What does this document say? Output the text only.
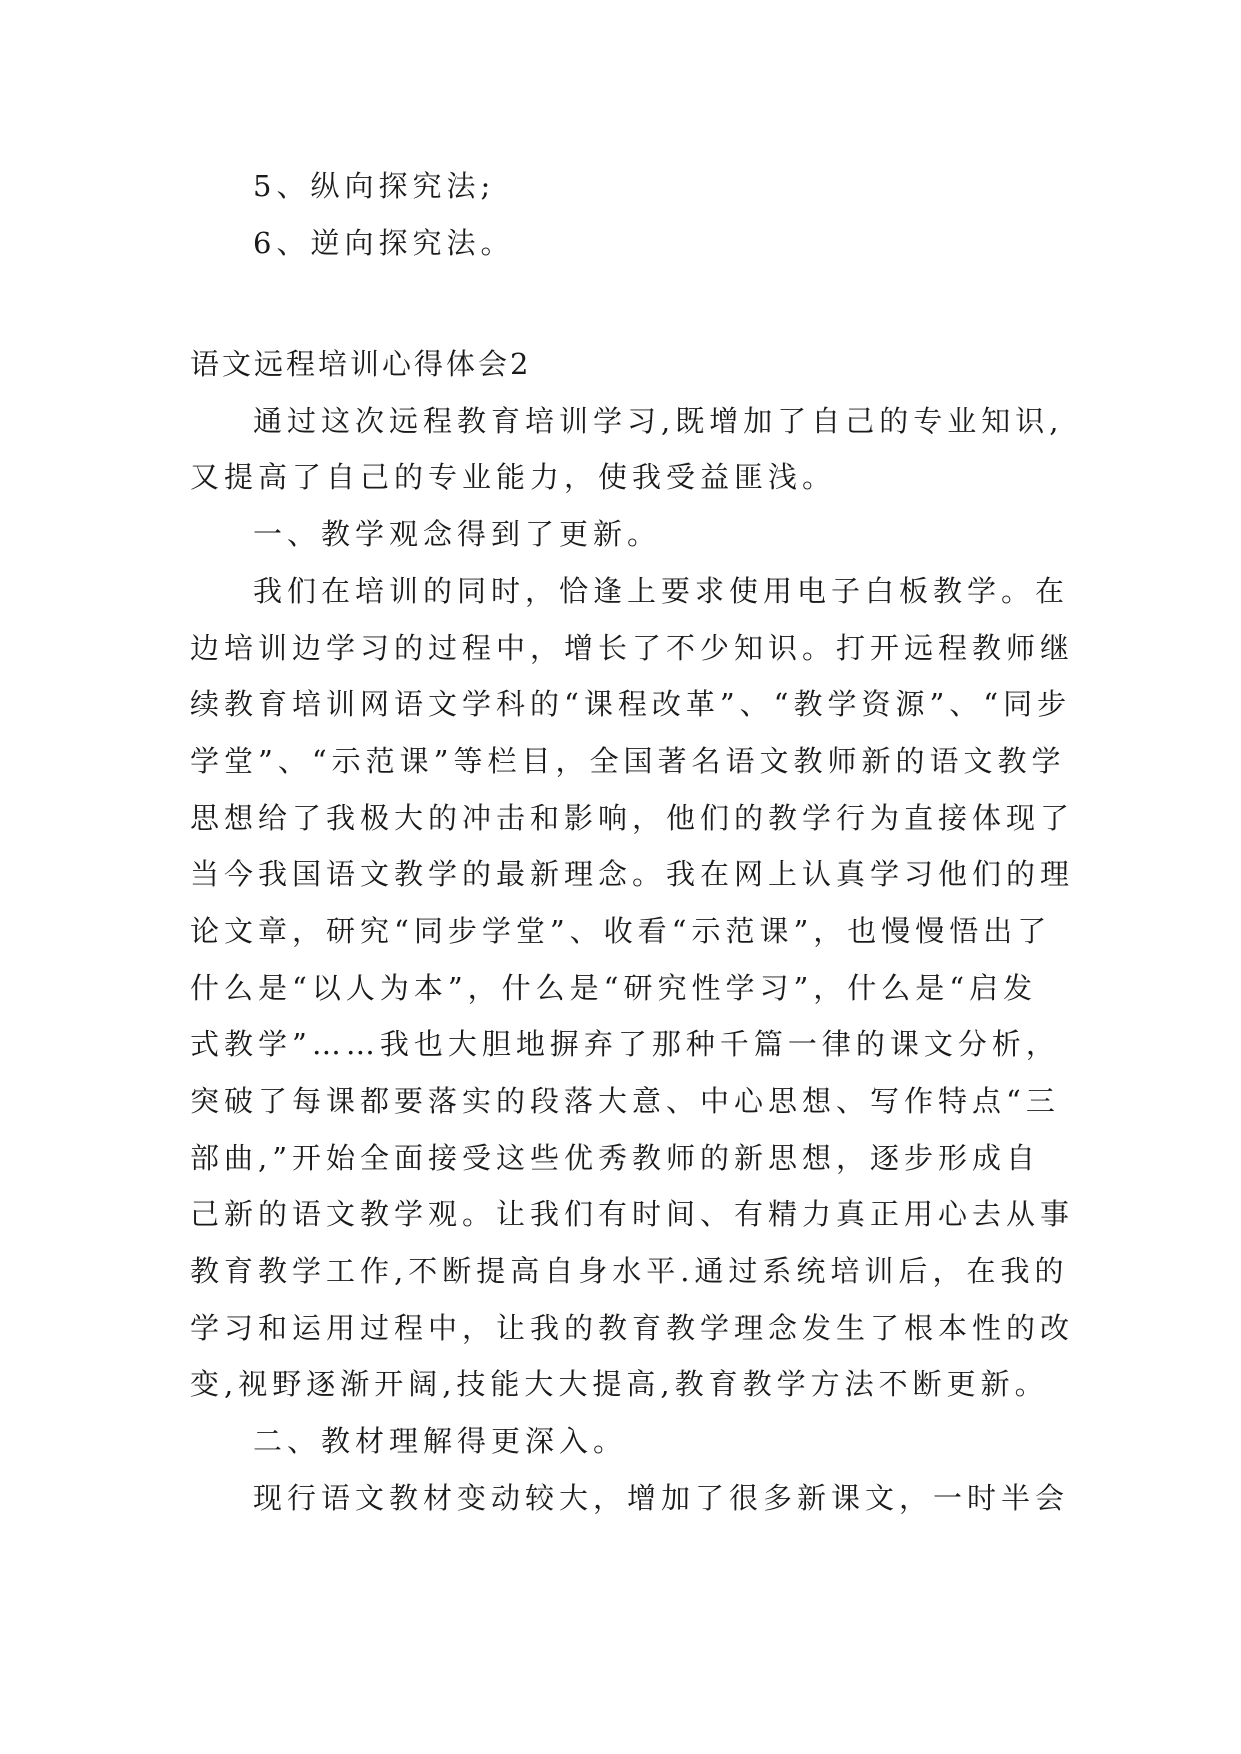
5、纵向探究法;
6、逆向探究法。
语文远程培训心得体会2
通过这次远程教育培训学习,既增加了自己的专业知识,
又提高了自己的专业能力，使我受益匪浅。
一、教学观念得到了更新。
我们在培训的同时，恰逢上要求使用电子白板教学。在
边培训边学习的过程中，增长了不少知识。打开远程教师继
续教育培训网语文学科的“课程改革”、“教学资源”、“同步
学堂”、“示范课”等栏目，全国著名语文教师新的语文教学
思想给了我极大的冲击和影响，他们的教学行为直接体现了
当今我国语文教学的最新理念。我在网上认真学习他们的理
论文章，研究“同步学堂”、收看“示范课”，也慢慢悟出了
什么是“以人为本”，什么是“研究性学习”，什么是“启发
式教学”……我也大胆地摒弃了那种千篇一律的课文分析，
突破了每课都要落实的段落大意、中心思想、写作特点“三
部曲,”开始全面接受这些优秀教师的新思想，逐步形成自
己新的语文教学观。让我们有时间、有精力真正用心去从事
教育教学工作,不断提高自身水平.通过系统培训后，在我的
学习和运用过程中，让我的教育教学理念发生了根本性的改
变,视野逐渐开阔,技能大大提高,教育教学方法不断更新。
二、教材理解得更深入。
现行语文教材变动较大，增加了很多新课文，一时半会
